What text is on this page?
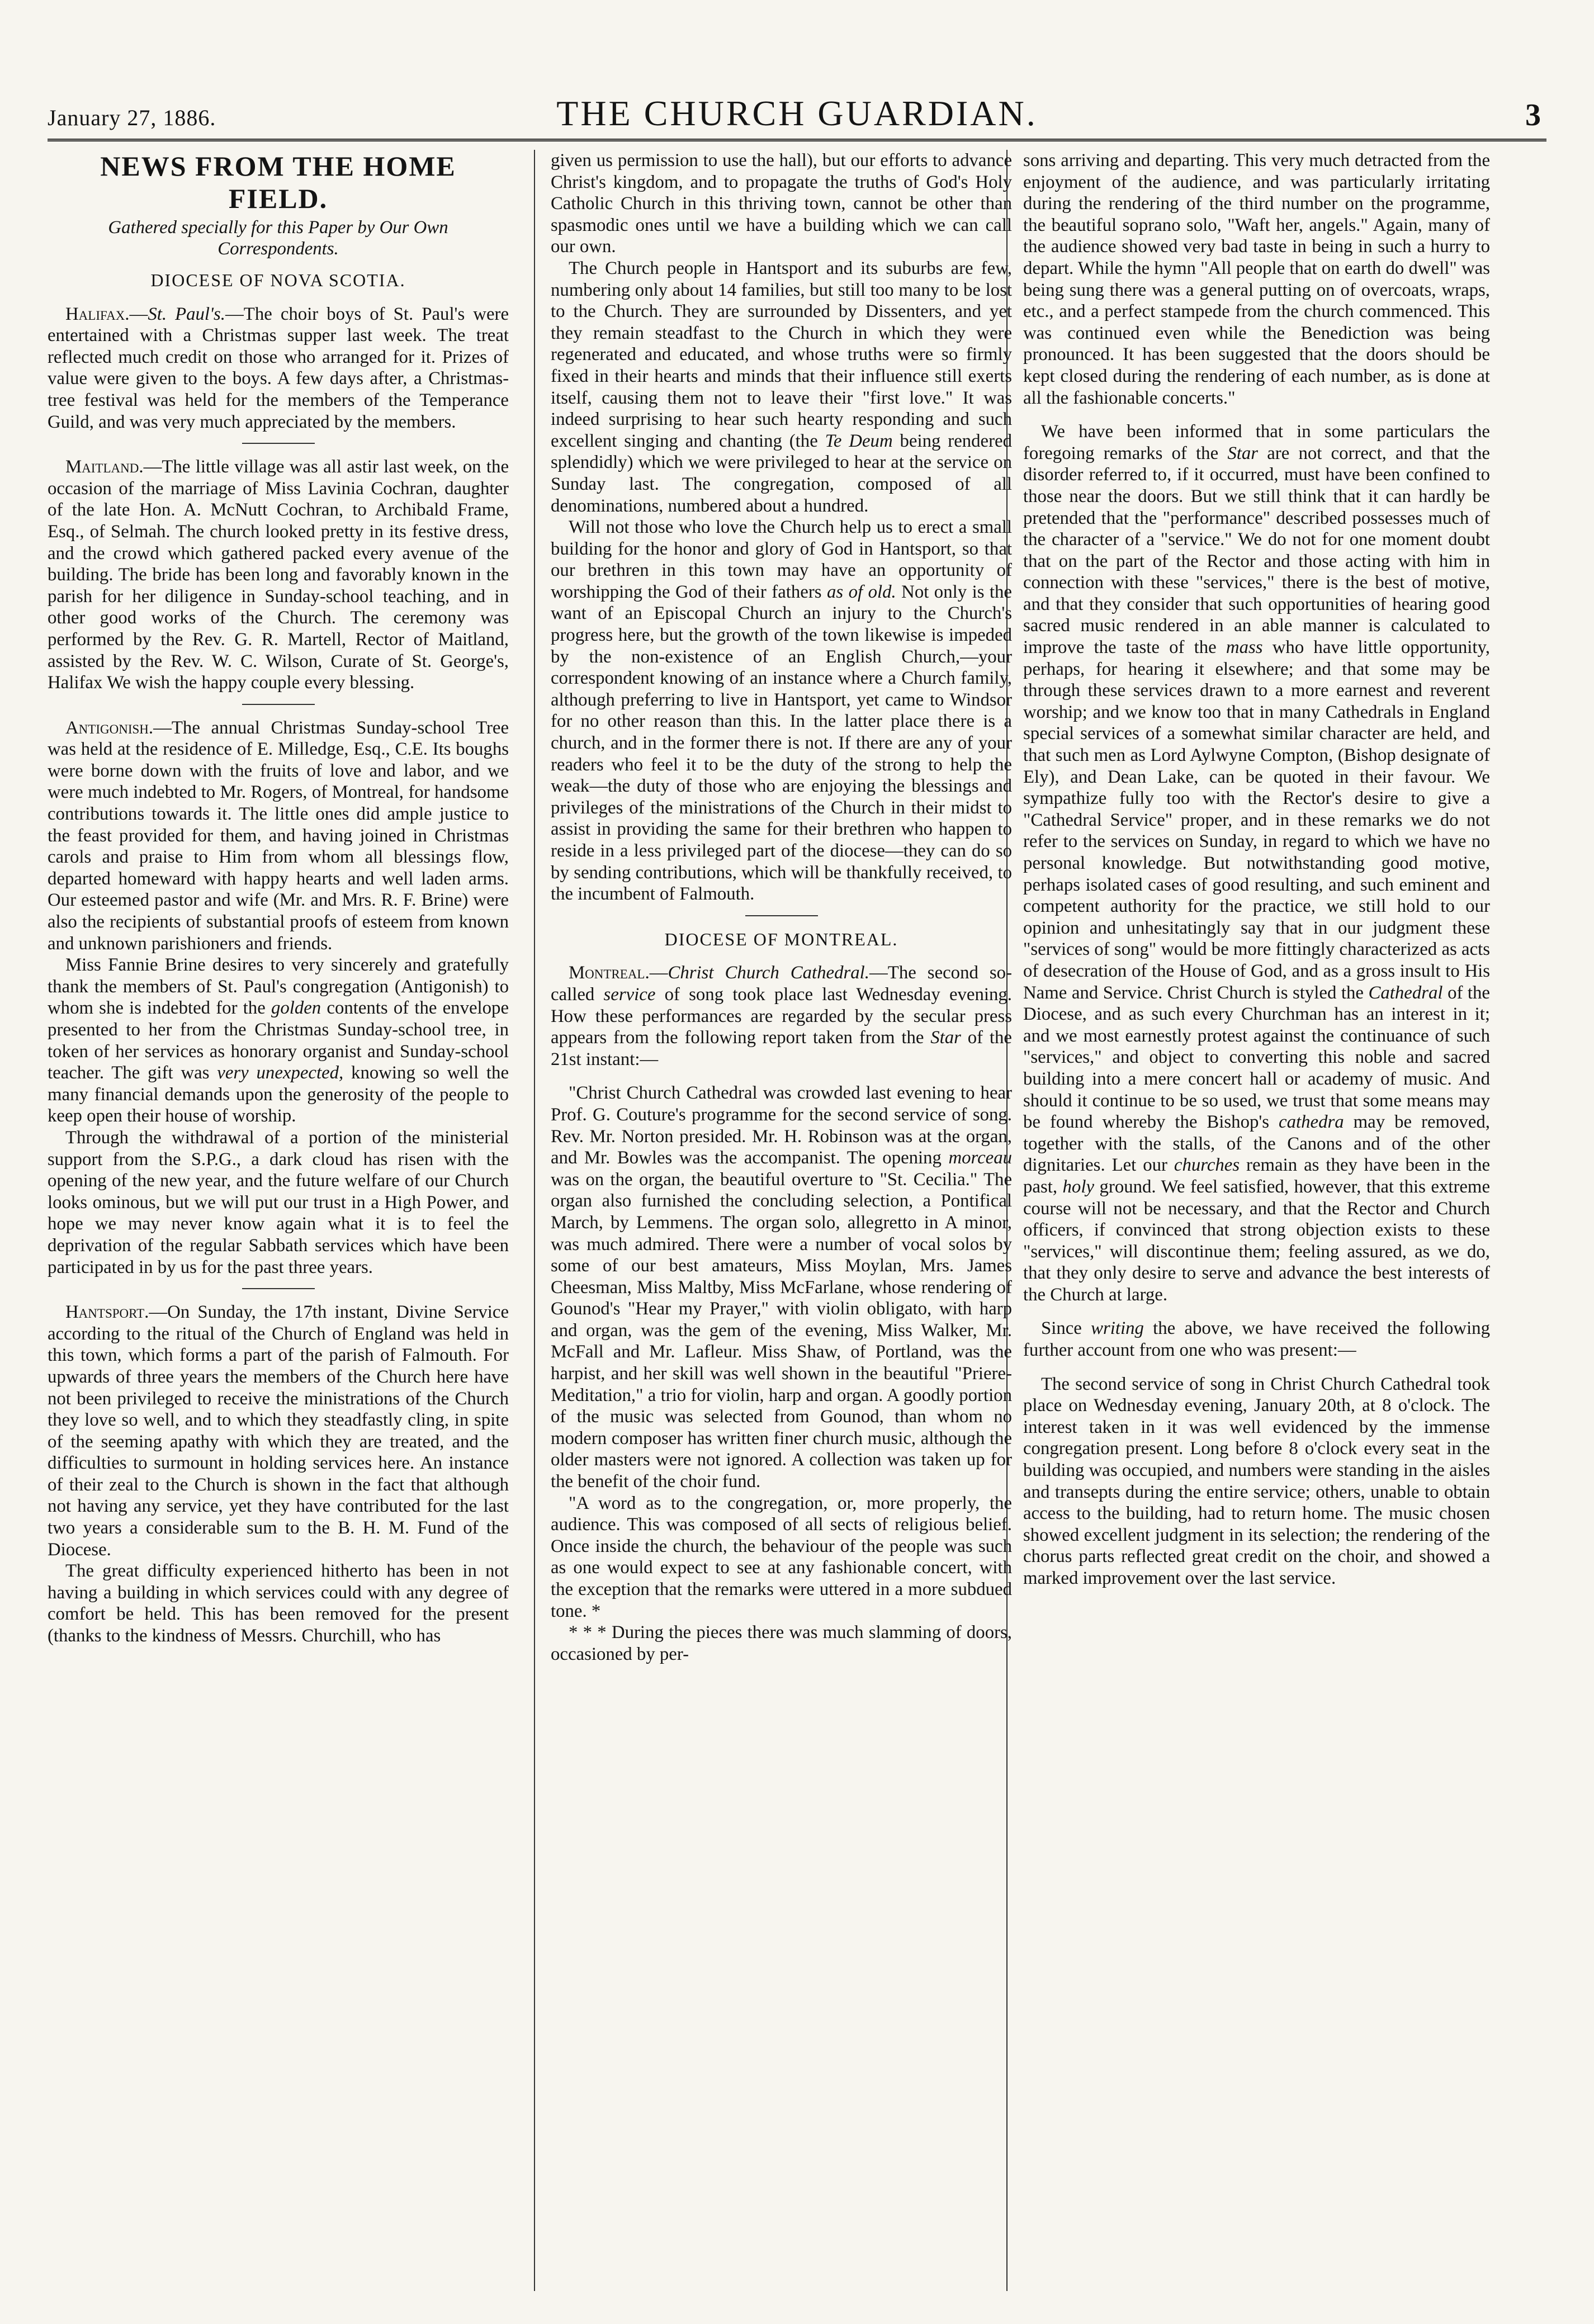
January 27, 1886.	THE CHURCH GUARDIAN.	3
NEWS FROM THE HOME FIELD.
Gathered specially for this Paper by Our Own Correspondents.
DIOCESE OF NOVA SCOTIA.

Halifax.—St. Paul's.—The choir boys of St. Paul's were entertained with a Christmas supper last week. The treat reflected much credit on those who arranged for it. Prizes of value were given to the boys. A few days after, a Christmas-tree festival was held for the members of the Temperance Guild, and was very much appreciated by the members.

Maitland.—The little village was all astir last week, on the occasion of the marriage of Miss Lavinia Cochran, daughter of the late Hon. A. McNutt Cochran, to Archibald Frame, Esq., of Selmah. The church looked pretty in its festive dress, and the crowd which gathered packed every avenue of the building. The bride has been long and favorably known in the parish for her diligence in Sunday-school teaching, and in other good works of the Church. The ceremony was performed by the Rev. G. R. Martell, Rector of Maitland, assisted by the Rev. W. C. Wilson, Curate of St. George's, Halifax We wish the happy couple every blessing.

Antigonish.—The annual Christmas Sunday-school Tree was held at the residence of E. Milledge, Esq., C.E. Its boughs were borne down with the fruits of love and labor, and we were much indebted to Mr. Rogers, of Montreal, for handsome contributions towards it. The little ones did ample justice to the feast provided for them, and having joined in Christmas carols and praise to Him from whom all blessings flow, departed homeward with happy hearts and well laden arms. Our esteemed pastor and wife (Mr. and Mrs. R. F. Brine) were also the recipients of substantial proofs of esteem from known and unknown parishioners and friends.

Miss Fannie Brine desires to very sincerely and gratefully thank the members of St. Paul's congregation (Antigonish) to whom she is indebted for the golden contents of the envelope presented to her from the Christmas Sunday-school tree, in token of her services as honorary organist and Sunday-school teacher. The gift was very unexpected, knowing so well the many financial demands upon the generosity of the people to keep open their house of worship.

Through the withdrawal of a portion of the ministerial support from the S.P.G., a dark cloud has risen with the opening of the new year, and the future welfare of our Church looks ominous, but we will put our trust in a High Power, and hope we may never know again what it is to feel the deprivation of the regular Sabbath services which have been participated in by us for the past three years.

Hantsport.—On Sunday, the 17th instant, Divine Service according to the ritual of the Church of England was held in this town, which forms a part of the parish of Falmouth. For upwards of three years the members of the Church here have not been privileged to receive the ministrations of the Church they love so well, and to which they steadfastly cling, in spite of the seeming apathy with which they are treated, and the difficulties to surmount in holding services here. An instance of their zeal to the Church is shown in the fact that although not having any service, yet they have contributed for the last two years a considerable sum to the B. H. M. Fund of the Diocese.

The great difficulty experienced hitherto has been in not having a building in which services could with any degree of comfort be held. This has been removed for the present (thanks to the kindness of Messrs. Churchill, who has

given us permission to use the hall), but our efforts to advance Christ's kingdom, and to propagate the truths of God's Holy Catholic Church in this thriving town, cannot be other than spasmodic ones until we have a building which we can call our own.

The Church people in Hantsport and its suburbs are few, numbering only about 14 families, but still too many to be lost to the Church. They are surrounded by Dissenters, and yet they remain steadfast to the Church in which they were regenerated and educated, and whose truths were so firmly fixed in their hearts and minds that their influence still exerts itself, causing them not to leave their "first love." It was indeed surprising to hear such hearty responding and such excellent singing and chanting (the Te Deum being rendered splendidly) which we were privileged to hear at the service on Sunday last. The congregation, composed of all denominations, numbered about a hundred.

Will not those who love the Church help us to erect a small building for the honor and glory of God in Hantsport, so that our brethren in this town may have an opportunity of worshipping the God of their fathers as of old. Not only is the want of an Episcopal Church an injury to the Church's progress here, but the growth of the town likewise is impeded by the non-existence of an English Church,—your correspondent knowing of an instance where a Church family, although preferring to live in Hantsport, yet came to Windsor for no other reason than this. In the latter place there is a church, and in the former there is not. If there are any of your readers who feel it to be the duty of the strong to help the weak—the duty of those who are enjoying the blessings and privileges of the ministrations of the Church in their midst to assist in providing the same for their brethren who happen to reside in a less privileged part of the diocese—they can do so by sending contributions, which will be thankfully received, to the incumbent of Falmouth.

DIOCESE OF MONTREAL.

Montreal.—Christ Church Cathedral.—The second so-called service of song took place last Wednesday evening. How these performances are regarded by the secular press appears from the following report taken from the Star of the 21st instant:—

"Christ Church Cathedral was crowded last evening to hear Prof. G. Couture's programme for the second service of song. Rev. Mr. Norton presided. Mr. H. Robinson was at the organ, and Mr. Bowles was the accompanist. The opening morceau was on the organ, the beautiful overture to "St. Cecilia." The organ also furnished the concluding selection, a Pontifical March, by Lemmens. The organ solo, allegretto in A minor, was much admired. There were a number of vocal solos by some of our best amateurs, Miss Moylan, Mrs. James Cheesman, Miss Maltby, Miss McFarlane, whose rendering of Gounod's "Hear my Prayer," with violin obligato, with harp and organ, was the gem of the evening, Miss Walker, Mr. McFall and Mr. Lafleur. Miss Shaw, of Portland, was the harpist, and her skill was well shown in the beautiful "Priere-Meditation," a trio for violin, harp and organ. A goodly portion of the music was selected from Gounod, than whom no modern composer has written finer church music, although the older masters were not ignored. A collection was taken up for the benefit of the choir fund.

"A word as to the congregation, or, more properly, the audience. This was composed of all sects of religious belief. Once inside the church, the behaviour of the people was such as one would expect to see at any fashionable concert, with the exception that the remarks were uttered in a more subdued tone. *

* * * During the pieces there was much slamming of doors, occasioned by per-

sons arriving and departing. This very much detracted from the enjoyment of the audience, and was particularly irritating during the rendering of the third number on the programme, the beautiful soprano solo, "Waft her, angels." Again, many of the audience showed very bad taste in being in such a hurry to depart. While the hymn "All people that on earth do dwell" was being sung there was a general putting on of overcoats, wraps, etc., and a perfect stampede from the church commenced. This was continued even while the Benediction was being pronounced. It has been suggested that the doors should be kept closed during the rendering of each number, as is done at all the fashionable concerts."

We have been informed that in some particulars the foregoing remarks of the Star are not correct, and that the disorder referred to, if it occurred, must have been confined to those near the doors. But we still think that it can hardly be pretended that the "performance" described possesses much of the character of a "service." We do not for one moment doubt that on the part of the Rector and those acting with him in connection with these "services," there is the best of motive, and that they consider that such opportunities of hearing good sacred music rendered in an able manner is calculated to improve the taste of the mass who have little opportunity, perhaps, for hearing it elsewhere; and that some may be through these services drawn to a more earnest and reverent worship; and we know too that in many Cathedrals in England special services of a somewhat similar character are held, and that such men as Lord Aylwyne Compton, (Bishop designate of Ely), and Dean Lake, can be quoted in their favour. We sympathize fully too with the Rector's desire to give a "Cathedral Service" proper, and in these remarks we do not refer to the services on Sunday, in regard to which we have no personal knowledge. But notwithstanding good motive, perhaps isolated cases of good resulting, and such eminent and competent authority for the practice, we still hold to our opinion and unhesitatingly say that in our judgment these "services of song" would be more fittingly characterized as acts of desecration of the House of God, and as a gross insult to His Name and Service. Christ Church is styled the Cathedral of the Diocese, and as such every Churchman has an interest in it; and we most earnestly protest against the continuance of such "services," and object to converting this noble and sacred building into a mere concert hall or academy of music. And should it continue to be so used, we trust that some means may be found whereby the Bishop's cathedra may be removed, together with the stalls, of the Canons and of the other dignitaries. Let our churches remain as they have been in the past, holy ground. We feel satisfied, however, that this extreme course will not be necessary, and that the Rector and Church officers, if convinced that strong objection exists to these "services," will discontinue them; feeling assured, as we do, that they only desire to serve and advance the best interests of the Church at large.

Since writing the above, we have received the following further account from one who was present:—

The second service of song in Christ Church Cathedral took place on Wednesday evening, January 20th, at 8 o'clock. The interest taken in it was well evidenced by the immense congregation present. Long before 8 o'clock every seat in the building was occupied, and numbers were standing in the aisles and transepts during the entire service; others, unable to obtain access to the building, had to return home. The music chosen showed excellent judgment in its selection; the rendering of the chorus parts reflected great credit on the choir, and showed a marked improvement over the last service.
